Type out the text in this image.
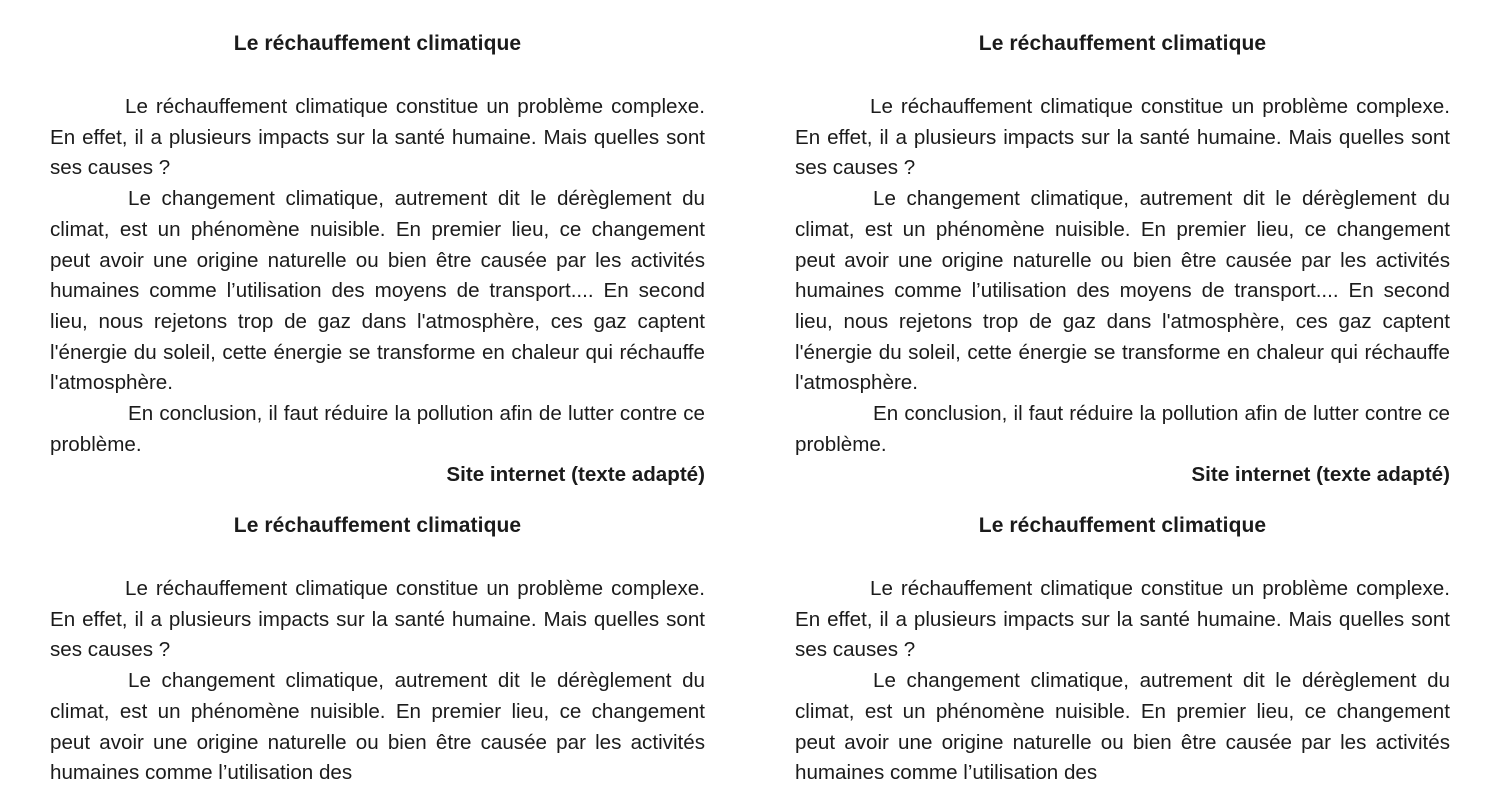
Le réchauffement climatique

Le réchauffement climatique constitue un problème complexe. En effet, il a plusieurs impacts sur la santé humaine. Mais quelles sont ses causes ?

Le changement climatique, autrement dit le dérèglement du climat, est un phénomène nuisible. En premier lieu, ce changement peut avoir une origine naturelle ou bien être causée par les activités humaines comme l’utilisation des moyens de transport.... En second lieu, nous rejetons trop de gaz dans l'atmosphère, ces gaz captent l'énergie du soleil, cette énergie se transforme en chaleur qui réchauffe l'atmosphère.

En conclusion, il faut réduire la pollution afin de lutter contre ce problème.

Site internet (texte adapté)

Le réchauffement climatique

Le réchauffement climatique constitue un problème complexe. En effet, il a plusieurs impacts sur la santé humaine. Mais quelles sont ses causes ?

Le changement climatique, autrement dit le dérèglement du climat, est un phénomène nuisible. En premier lieu, ce changement peut avoir une origine naturelle ou bien être causée par les activités humaines comme l’utilisation des moyens de transport.... En second lieu, nous rejetons trop de gaz dans l'atmosphère, ces gaz captent l'énergie du soleil, cette énergie se transforme en chaleur qui réchauffe l'atmosphère.

En conclusion, il faut réduire la pollution afin de lutter contre ce problème.

Site internet (texte adapté)

Le réchauffement climatique

Le réchauffement climatique constitue un problème complexe. En effet, il a plusieurs impacts sur la santé humaine. Mais quelles sont ses causes ?

Le changement climatique, autrement dit le dérèglement du climat, est un phénomène nuisible. En premier lieu, ce changement peut avoir une origine naturelle ou bien être causée par les activités humaines comme l’utilisation des

Le réchauffement climatique

Le réchauffement climatique constitue un problème complexe. En effet, il a plusieurs impacts sur la santé humaine. Mais quelles sont ses causes ?

Le changement climatique, autrement dit le dérèglement du climat, est un phénomène nuisible. En premier lieu, ce changement peut avoir une origine naturelle ou bien être causée par les activités humaines comme l’utilisation des
